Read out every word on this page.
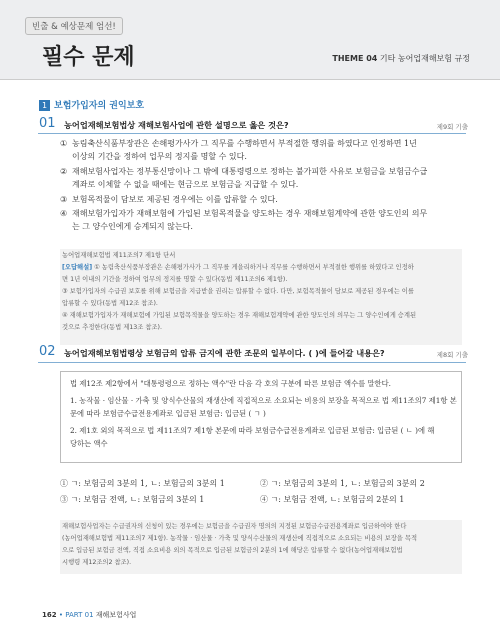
빈출 & 예상문제 엄선!
필수 문제	THEME 04 기타 농어업재해보험 규정
1 보험가입자의 권익보호
01 농어업재해보험법상 재해보험사업에 관한 설명으로 옳은 것은?	제9회 기출
① 농림축산식품부장관은 손해평가사가 그 직무를 수행하면서 부적절한 행위를 하였다고 인정하면 1년
이상의 기간을 정하여 업무의 정지를 명할 수 있다.
② 재해보험사업자는 정부통신망이나 그 밖에 대통령령으로 정하는 불가피한 사유로 보험금을 보험금수급
계좌로 이체할 수 없을 때에는 현금으로 보험금을 지급할 수 있다.
③ 보험목적물이 담보로 제공된 경우에는 이를 압류할 수 있다.
④ 재해보험가입자가 재해보험에 가입된 보험목적물을 양도하는 경우 재해보험계약에 관한 양도인의 의무
는 그 양수인에게 승계되지 않는다.
농어업재해보험법 제11조의7 제1항 단서
[오답해설] ① 농림축산식품부장관은 손해평가사가 그 직무를 게을리하거나 직무를 수행하면서 부적절한 행위를 하였다고 인정하
면 1년 이내의 기간을 정하여 업무의 정지를 명할 수 있다(동법 제11조의6 제1항).
③ 보험가입자의 수급권 보호를 위해 보험금을 지급받을 권리는 압류할 수 없다. 다만, 보험목적물이 담보로 제공된 경우에는 이를
압류할 수 있다(동법 제12조 참조).
④ 재해보험가입자가 재해보험에 가입된 보험목적물을 양도하는 경우 재해보험계약에 관한 양도인의 의무는 그 양수인에게 승계된
것으로 추정한다(동법 제13조 참조).
02 농어업재해보험법령상 보험금의 압류 금지에 관한 조문의 일부이다. ( )에 들어갈 내용은?	제8회 기출

법 제12조 제2항에서 "대통령령으로 정하는 액수"란 다음 각 호의 구분에 따른 보험금 액수를 말한다.

1. 농작물 · 임산물 · 가축 및 양식수산물의 재생산에 직접적으로 소요되는 비용의 보장을 목적으로 법 제11조의7 제1항 본

문에 따라 보험금수급전용계좌로 입금된 보험금: 입금된 ( ㄱ )

2. 제1호 외의 목적으로 법 제11조의7 제1항 본문에 따라 보험금수급전용계좌로 입금된 보험금: 입금된 ( ㄴ )에 해

당하는 액수

① ㄱ: 보험금의 3분의 1, ㄴ: 보험금의 3분의 1	② ㄱ: 보험금의 3분의 1, ㄴ: 보험금의 3분의 2
③ ㄱ: 보험금 전액, ㄴ: 보험금의 3분의 1	④ ㄱ: 보험금 전액, ㄴ: 보험금의 2분의 1
재해보험사업자는 수급권자의 신청이 있는 경우에는 보험금을 수급권자 명의의 지정된 보험금수급전용계좌로 입금하여야 한다
(농어업재해보험법 제11조의7 제1항). 농작물 · 임산물 · 가축 및 양식수산물의 재생산에 직접적으로 소요되는 비용의 보장을 목적
으로 입금된 보험금 전액, 직접 소요비용 외의 목적으로 입금된 보험금의 2분의 1에 해당은 압류할 수 없다(농어업재해보험법
시행령 제12조의2 참조).
162 • PART 01 재해보험사업
